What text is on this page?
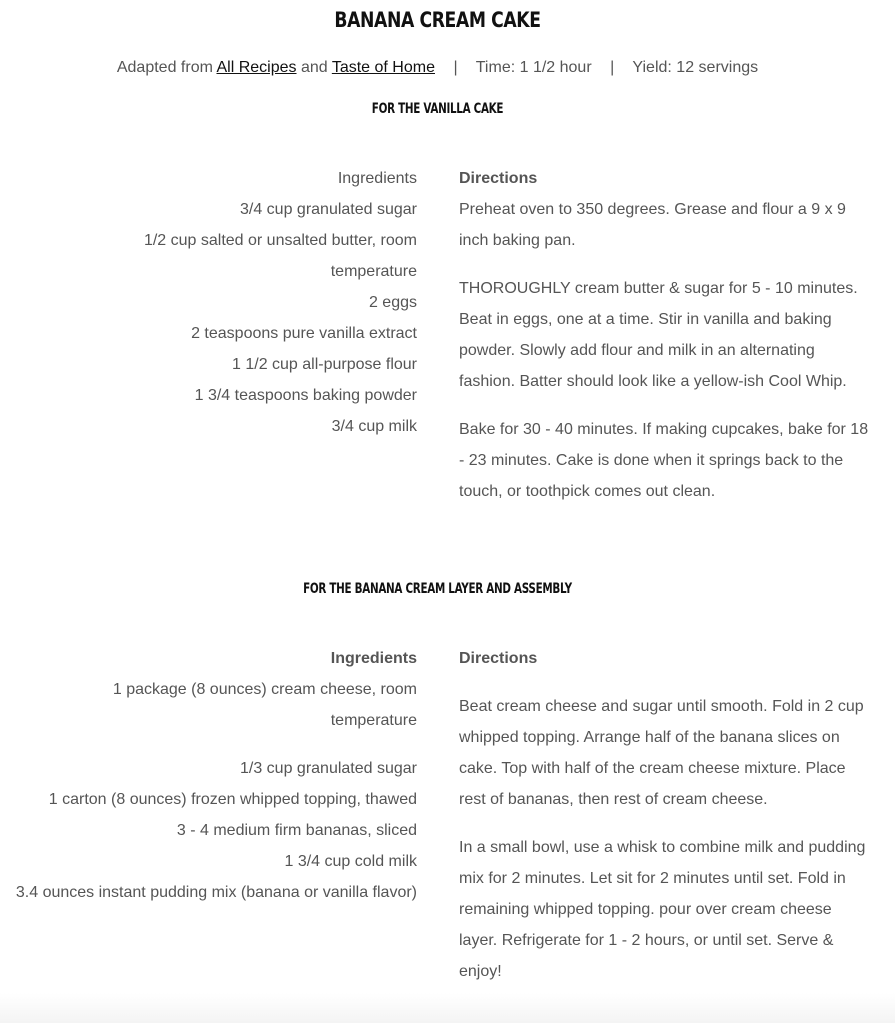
BANANA CREAM CAKE
Adapted from All Recipes and Taste of Home | Time: 1 1/2 hour | Yield: 12 servings
FOR THE VANILLA CAKE
Ingredients
3/4 cup granulated sugar
1/2 cup salted or unsalted butter, room temperature
2 eggs
2 teaspoons pure vanilla extract
1 1/2 cup all-purpose flour
1 3/4 teaspoons baking powder
3/4 cup milk
Directions

Preheat oven to 350 degrees. Grease and flour a 9 x 9 inch baking pan.

THOROUGHLY cream butter & sugar for 5 - 10 minutes. Beat in eggs, one at a time. Stir in vanilla and baking powder. Slowly add flour and milk in an alternating fashion. Batter should look like a yellow-ish Cool Whip.

Bake for 30 - 40 minutes. If making cupcakes, bake for 18 - 23 minutes. Cake is done when it springs back to the touch, or toothpick comes out clean.

FOR THE BANANA CREAM LAYER AND ASSEMBLY
Ingredients
1 package (8 ounces) cream cheese, room temperature
1/3 cup granulated sugar
1 carton (8 ounces) frozen whipped topping, thawed
3 - 4 medium firm bananas, sliced
1 3/4 cup cold milk
3.4 ounces instant pudding mix (banana or vanilla flavor)
Directions

Beat cream cheese and sugar until smooth. Fold in 2 cup whipped topping. Arrange half of the banana slices on cake. Top with half of the cream cheese mixture. Place rest of bananas, then rest of cream cheese.

In a small bowl, use a whisk to combine milk and pudding mix for 2 minutes. Let sit for 2 minutes until set. Fold in remaining whipped topping. pour over cream cheese layer. Refrigerate for 1 - 2 hours, or until set. Serve & enjoy!
